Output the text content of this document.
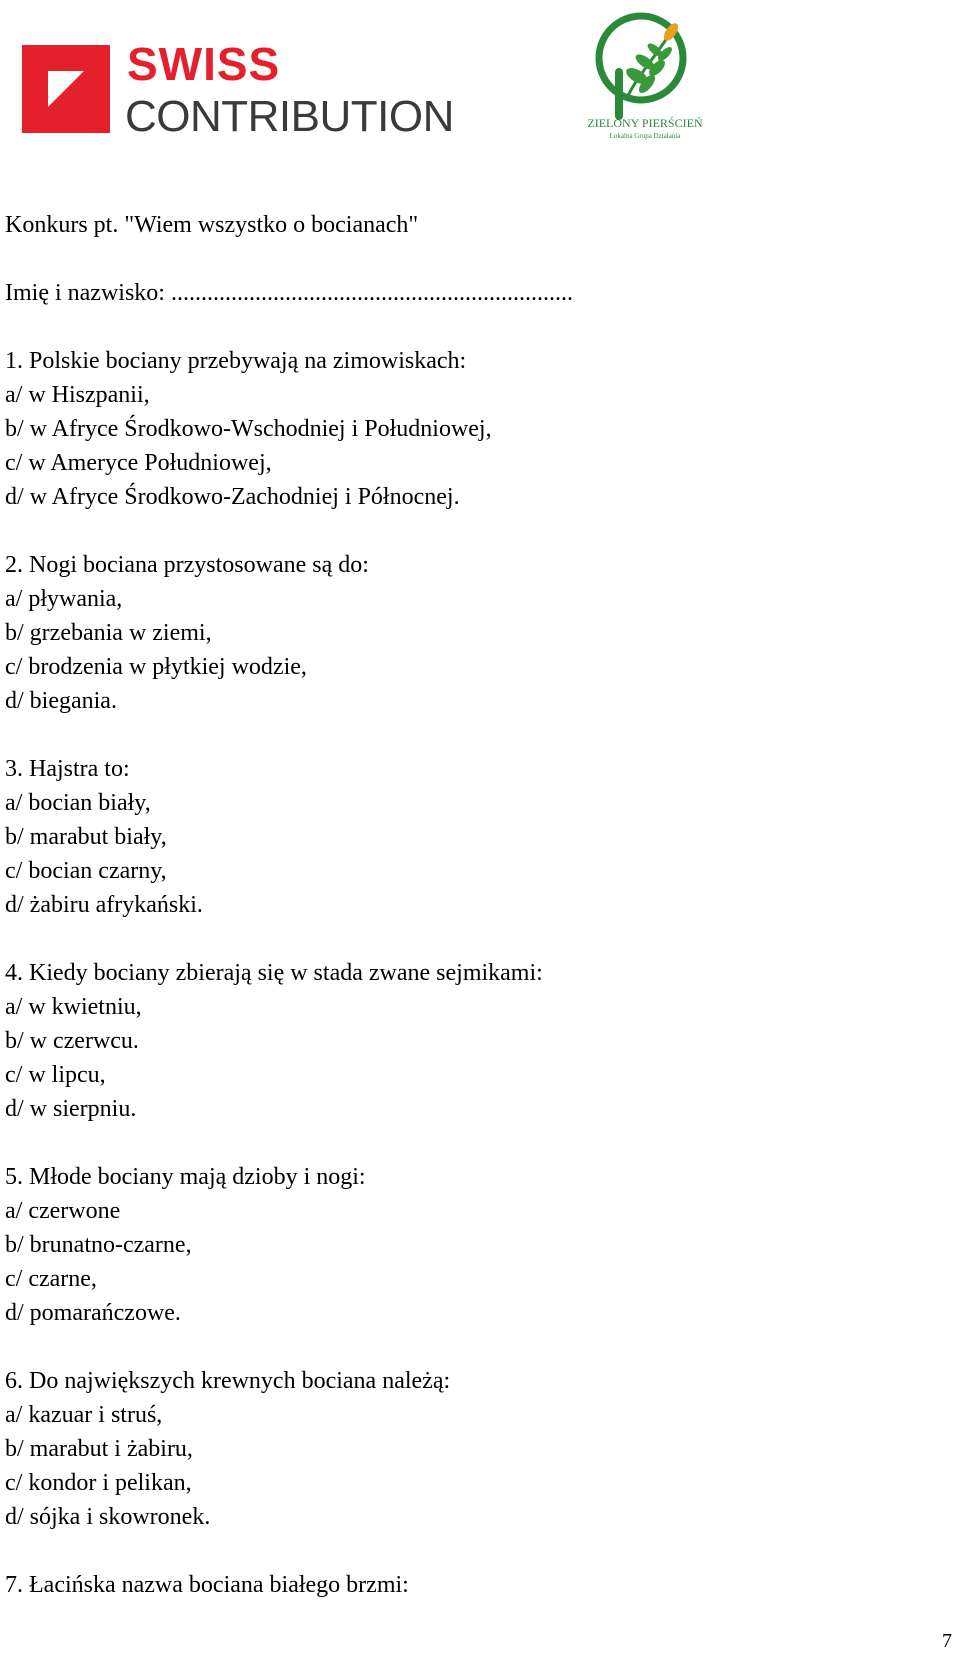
SWISS
CONTRIBUTION	ZIELONY PIERŚCIEŃ
Lokalna Grupa Działania

Konkurs pt. "Wiem wszystko o bocianach"

Imię i nazwisko: ...................................................................

1. Polskie bociany przebywają na zimowiskach:

a/ w Hiszpanii,

b/ w Afryce Środkowo-Wschodniej i Południowej,

c/ w Ameryce Południowej,

d/ w Afryce Środkowo-Zachodniej i Północnej.

2. Nogi bociana przystosowane są do:

a/ pływania,

b/ grzebania w ziemi,

c/ brodzenia w płytkiej wodzie,

d/ biegania.

3. Hajstra to:

a/ bocian biały,

b/ marabut biały,

c/ bocian czarny,

d/ żabiru afrykański.

4. Kiedy bociany zbierają się w stada zwane sejmikami:

a/ w kwietniu,

b/ w czerwcu.

c/ w lipcu,

d/ w sierpniu.

5. Młode bociany mają dzioby i nogi:

a/ czerwone

b/ brunatno-czarne,

c/ czarne,

d/ pomarańczowe.

6. Do największych krewnych bociana należą:

a/ kazuar i struś,

b/ marabut i żabiru,

c/ kondor i pelikan,

d/ sójka i skowronek.

7. Łacińska nazwa bociana białego brzmi:

7
